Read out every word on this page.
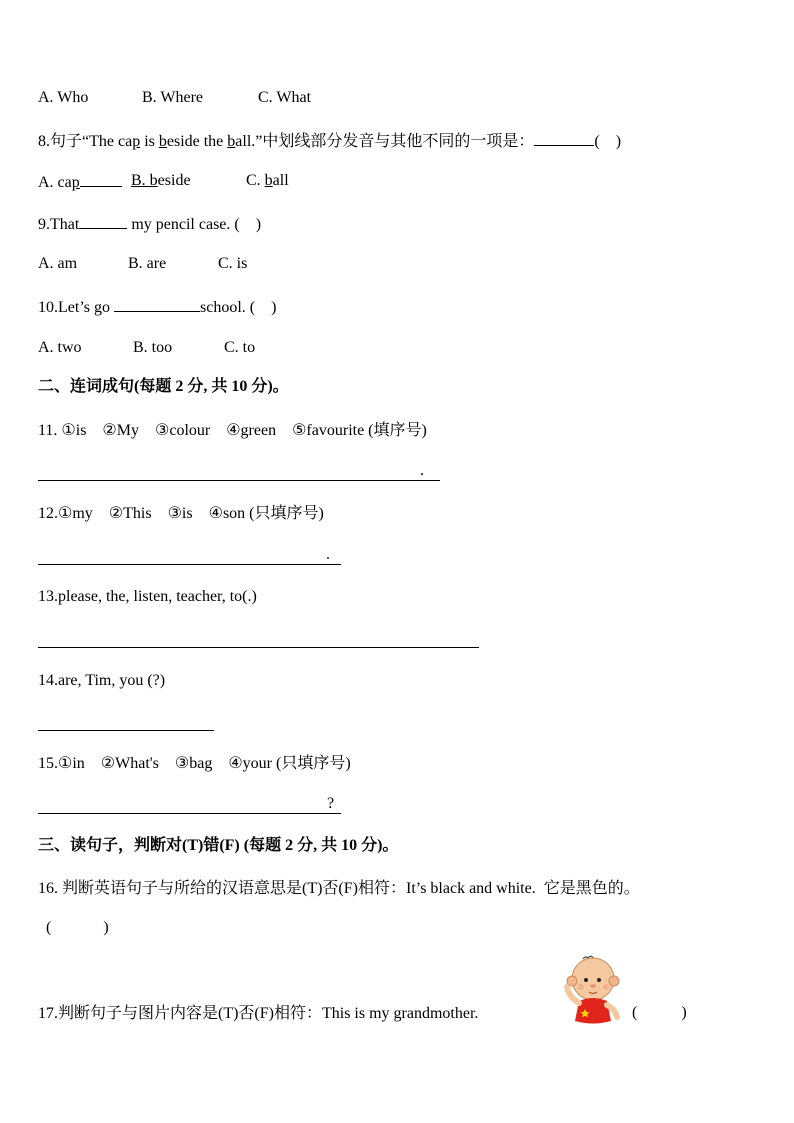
A. Who	B. Where	C. What
8.句子“The cap is beside the ball.”中划线部分发音与其他不同的一项是：	(    )
A. cap	B. beside	C. ball
9.That	my pencil case. (    )
A. am	B. are	C. is
10.Let’s go	school. (    )
A. two	B. too	C. to
二、连词成句(每题 2 分, 共 10 分)。
11. ①is    ②My    ③colour    ④green    ⑤favourite (填序号)
.
12.①my    ②This    ③is    ④son (只填序号)
.
13.please, the, listen, teacher, to(.)
14.are, Tim, you (?)
15.①in    ②What's    ③bag    ④your (只填序号)
?
三、读句子，判断对(T)错(F) (每题 2 分, 共 10 分)。
16. 判断英语句子与所给的汉语意思是(T)否(F)相符：It’s black and white.  它是黑色的。
(             )
17.判断句子与图片内容是(T)否(F)相符：This is my grandmother.	(           )
